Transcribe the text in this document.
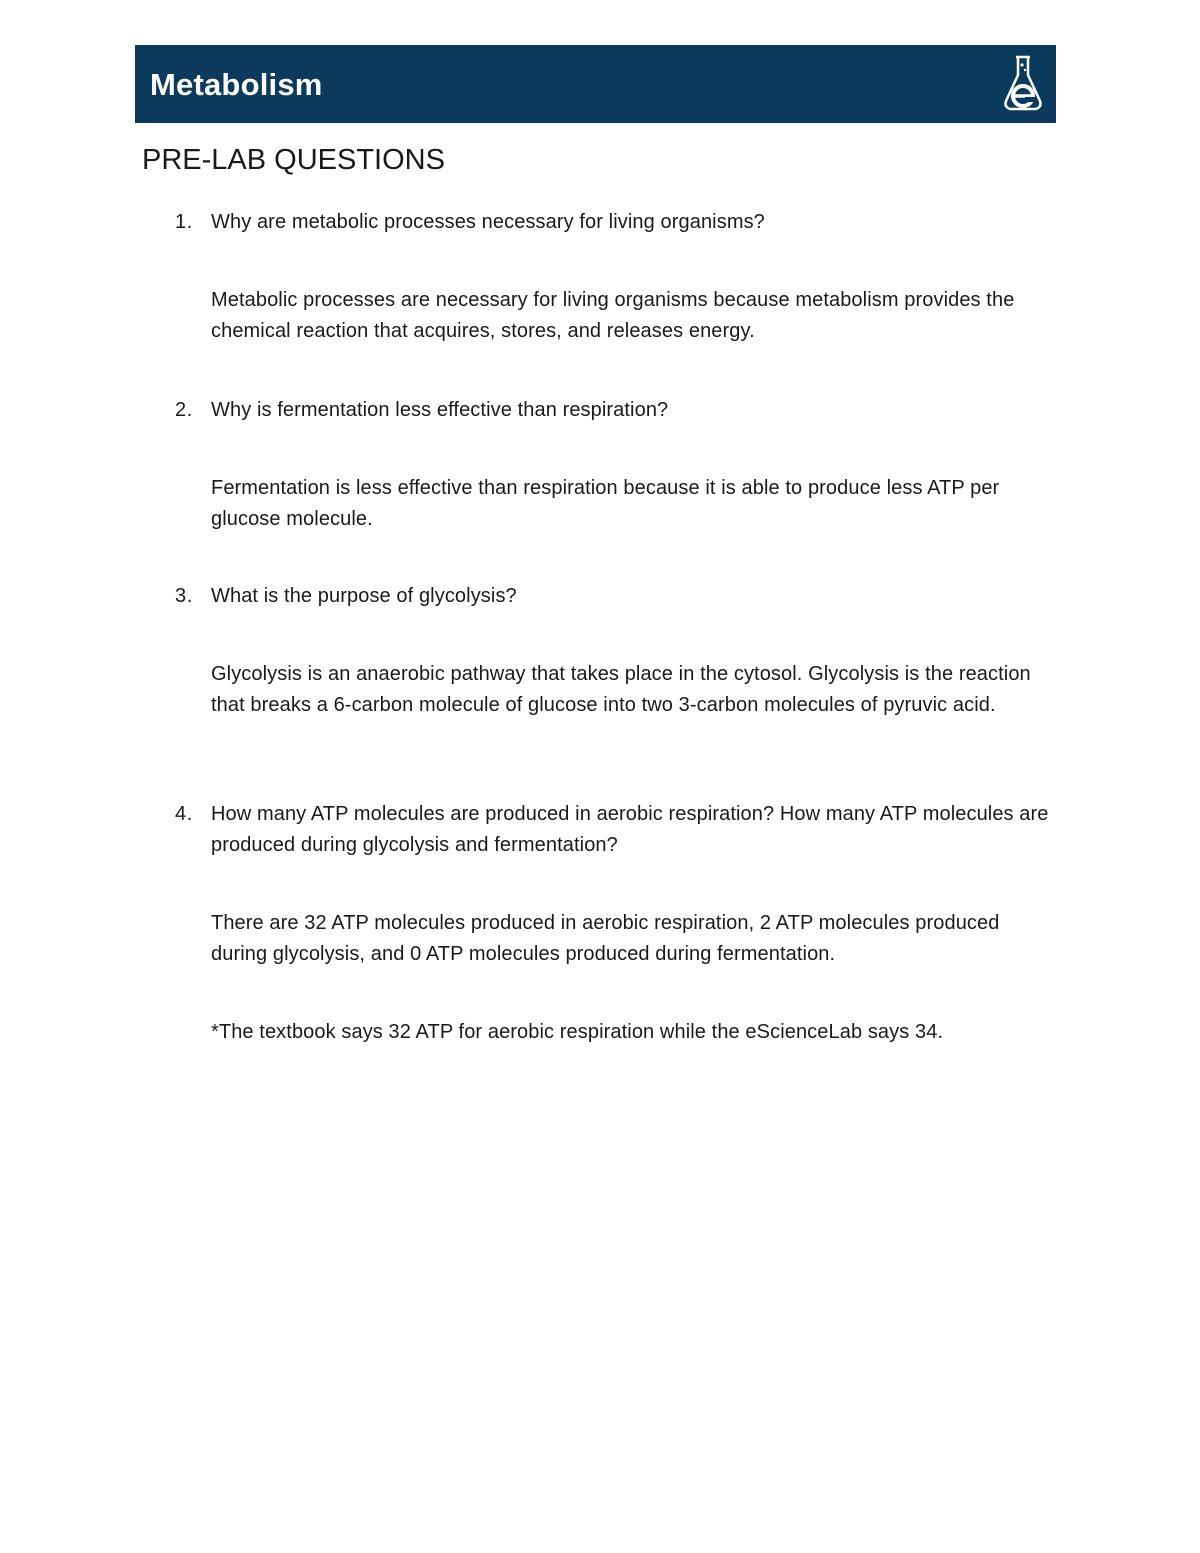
Metabolism
PRE-LAB QUESTIONS
1. Why are metabolic processes necessary for living organisms?
Metabolic processes are necessary for living organisms because metabolism provides the chemical reaction that acquires, stores, and releases energy.
2. Why is fermentation less effective than respiration?
Fermentation is less effective than respiration because it is able to produce less ATP per glucose molecule.
3. What is the purpose of glycolysis?
Glycolysis is an anaerobic pathway that takes place in the cytosol. Glycolysis is the reaction that breaks a 6-carbon molecule of glucose into two 3-carbon molecules of pyruvic acid.
4. How many ATP molecules are produced in aerobic respiration? How many ATP molecules are produced during glycolysis and fermentation?
There are 32 ATP molecules produced in aerobic respiration, 2 ATP molecules produced during glycolysis, and 0 ATP molecules produced during fermentation.
*The textbook says 32 ATP for aerobic respiration while the eScienceLab says 34.
